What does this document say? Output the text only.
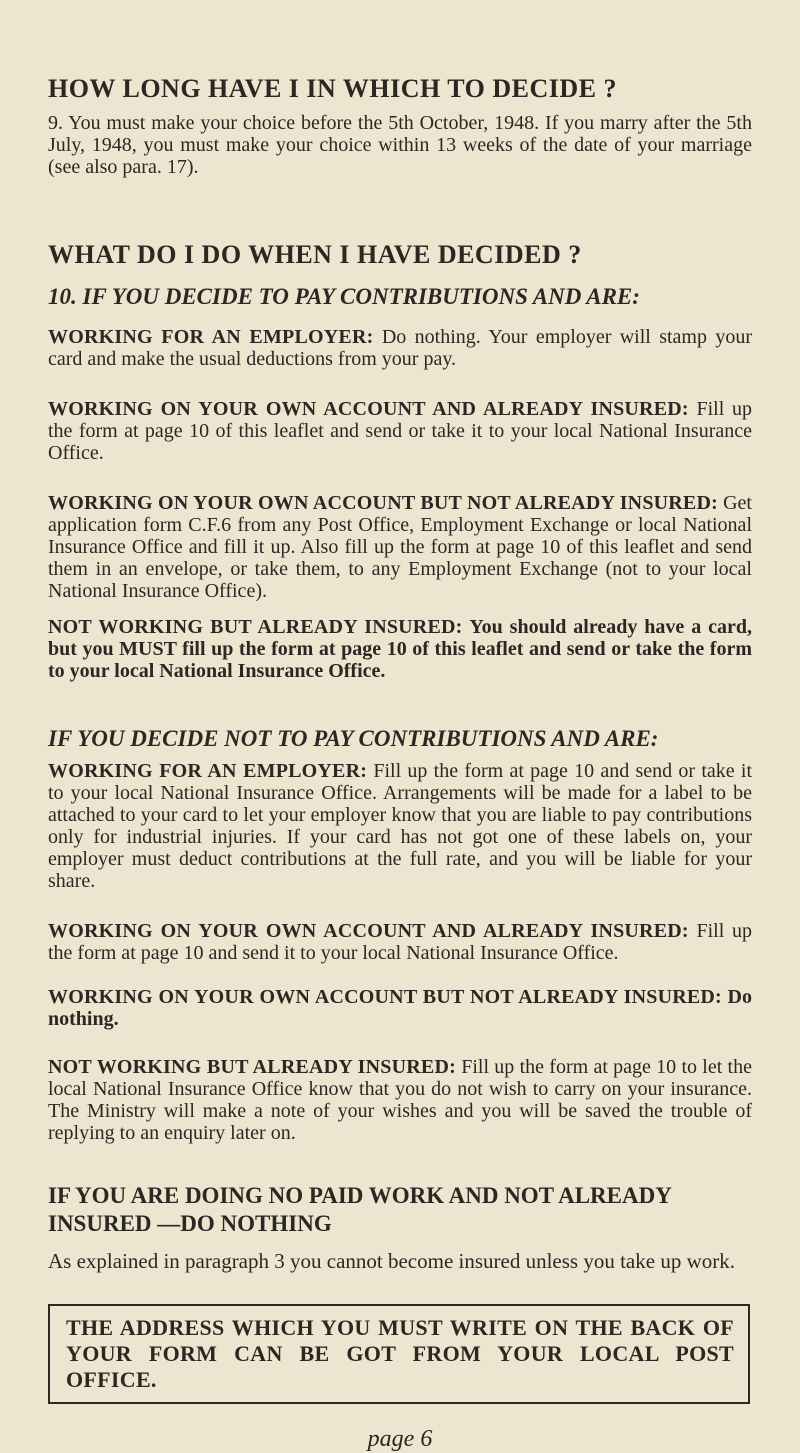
HOW LONG HAVE I IN WHICH TO DECIDE ?

9. You must make your choice before the 5th October, 1948. If you marry after the 5th July, 1948, you must make your choice within 13 weeks of the date of your marriage (see also para. 17).

WHAT DO I DO WHEN I HAVE DECIDED ?

10. IF YOU DECIDE TO PAY CONTRIBUTIONS AND ARE:

WORKING FOR AN EMPLOYER: Do nothing. Your employer will stamp your card and make the usual deductions from your pay.

WORKING ON YOUR OWN ACCOUNT AND ALREADY INSURED: Fill up the form at page 10 of this leaflet and send or take it to your local National Insurance Office.

WORKING ON YOUR OWN ACCOUNT BUT NOT ALREADY INSURED: Get application form C.F.6 from any Post Office, Employment Exchange or local National Insurance Office and fill it up. Also fill up the form at page 10 of this leaflet and send them in an envelope, or take them, to any Employment Exchange (not to your local National Insurance Office).

NOT WORKING BUT ALREADY INSURED: You should already have a card, but you MUST fill up the form at page 10 of this leaflet and send or take the form to your local National Insurance Office.

IF YOU DECIDE NOT TO PAY CONTRIBUTIONS AND ARE:

WORKING FOR AN EMPLOYER: Fill up the form at page 10 and send or take it to your local National Insurance Office. Arrangements will be made for a label to be attached to your card to let your employer know that you are liable to pay contributions only for industrial injuries. If your card has not got one of these labels on, your employer must deduct contributions at the full rate, and you will be liable for your share.

WORKING ON YOUR OWN ACCOUNT AND ALREADY INSURED: Fill up the form at page 10 and send it to your local National Insurance Office.

WORKING ON YOUR OWN ACCOUNT BUT NOT ALREADY INSURED: Do nothing.

NOT WORKING BUT ALREADY INSURED: Fill up the form at page 10 to let the local National Insurance Office know that you do not wish to carry on your insurance. The Ministry will make a note of your wishes and you will be saved the trouble of replying to an enquiry later on.

IF YOU ARE DOING NO PAID WORK AND NOT ALREADY INSURED —DO NOTHING

As explained in paragraph 3 you cannot become insured unless you take up work.

THE ADDRESS WHICH YOU MUST WRITE ON THE BACK OF YOUR FORM CAN BE GOT FROM YOUR LOCAL POST OFFICE.

page 6
